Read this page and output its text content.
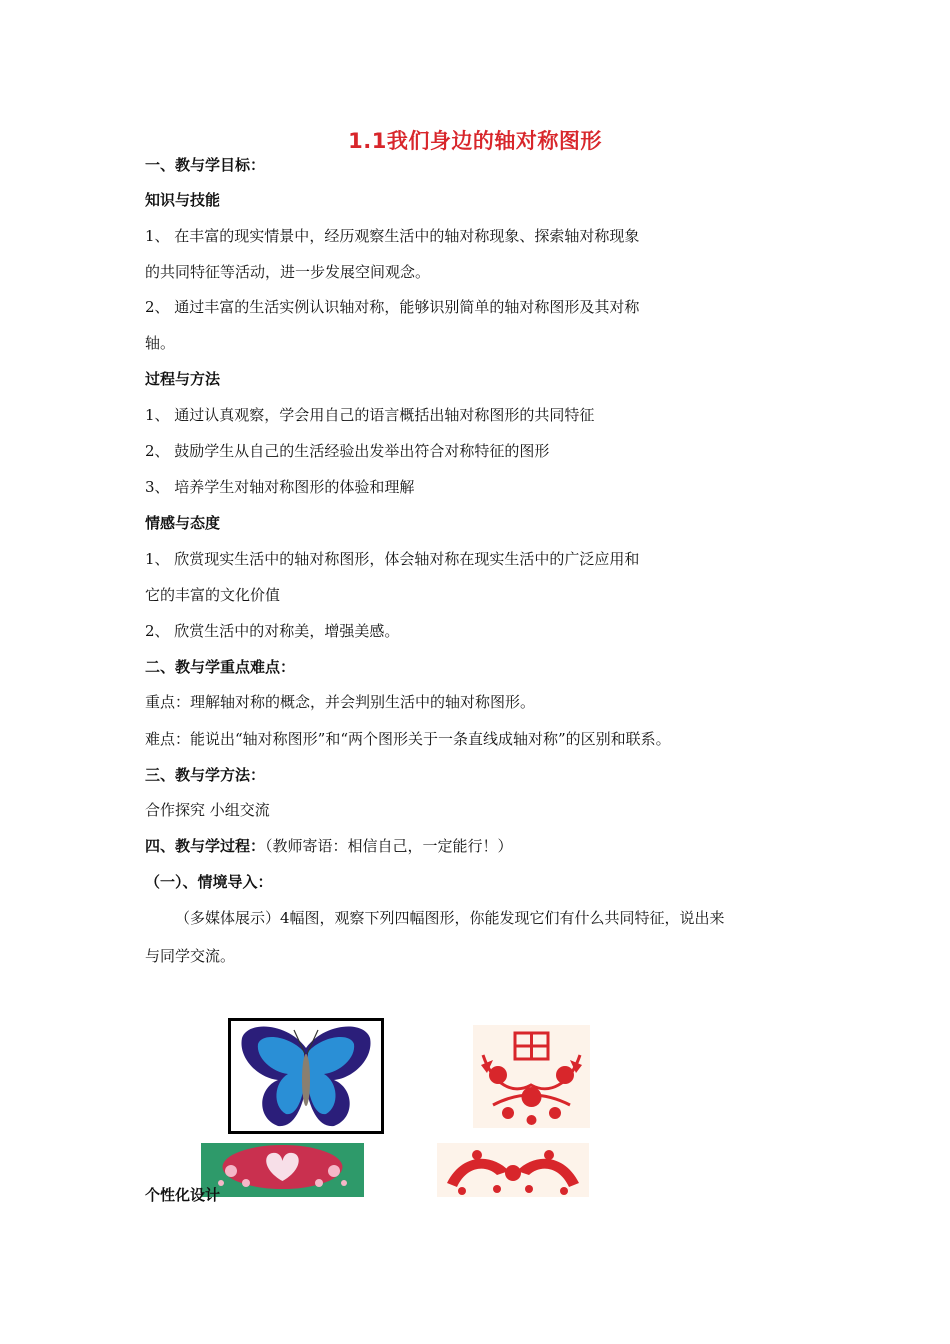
1.1我们身边的轴对称图形
一、教与学目标：
知识与技能
1、 在丰富的现实情景中，经历观察生活中的轴对称现象、探索轴对称现象
的共同特征等活动，进一步发展空间观念。
2、 通过丰富的生活实例认识轴对称，能够识别简单的轴对称图形及其对称
轴。
过程与方法
1、 通过认真观察，学会用自己的语言概括出轴对称图形的共同特征
2、 鼓励学生从自己的生活经验出发举出符合对称特征的图形
3、 培养学生对轴对称图形的体验和理解
情感与态度
1、 欣赏现实生活中的轴对称图形，体会轴对称在现实生活中的广泛应用和
它的丰富的文化价值
2、 欣赏生活中的对称美，增强美感。
二、教与学重点难点：
重点：理解轴对称的概念，并会判别生活中的轴对称图形。
难点：能说出“轴对称图形”和“两个图形关于一条直线成轴对称”的区别和联系。
三、教与学方法：
合作探究 小组交流
四、教与学过程：（教师寄语：相信自己，一定能行！）
（一）、情境导入：
（多媒体展示）4幅图，观察下列四幅图形，你能发现它们有什么共同特征，说出来
与同学交流。
个性化设计
